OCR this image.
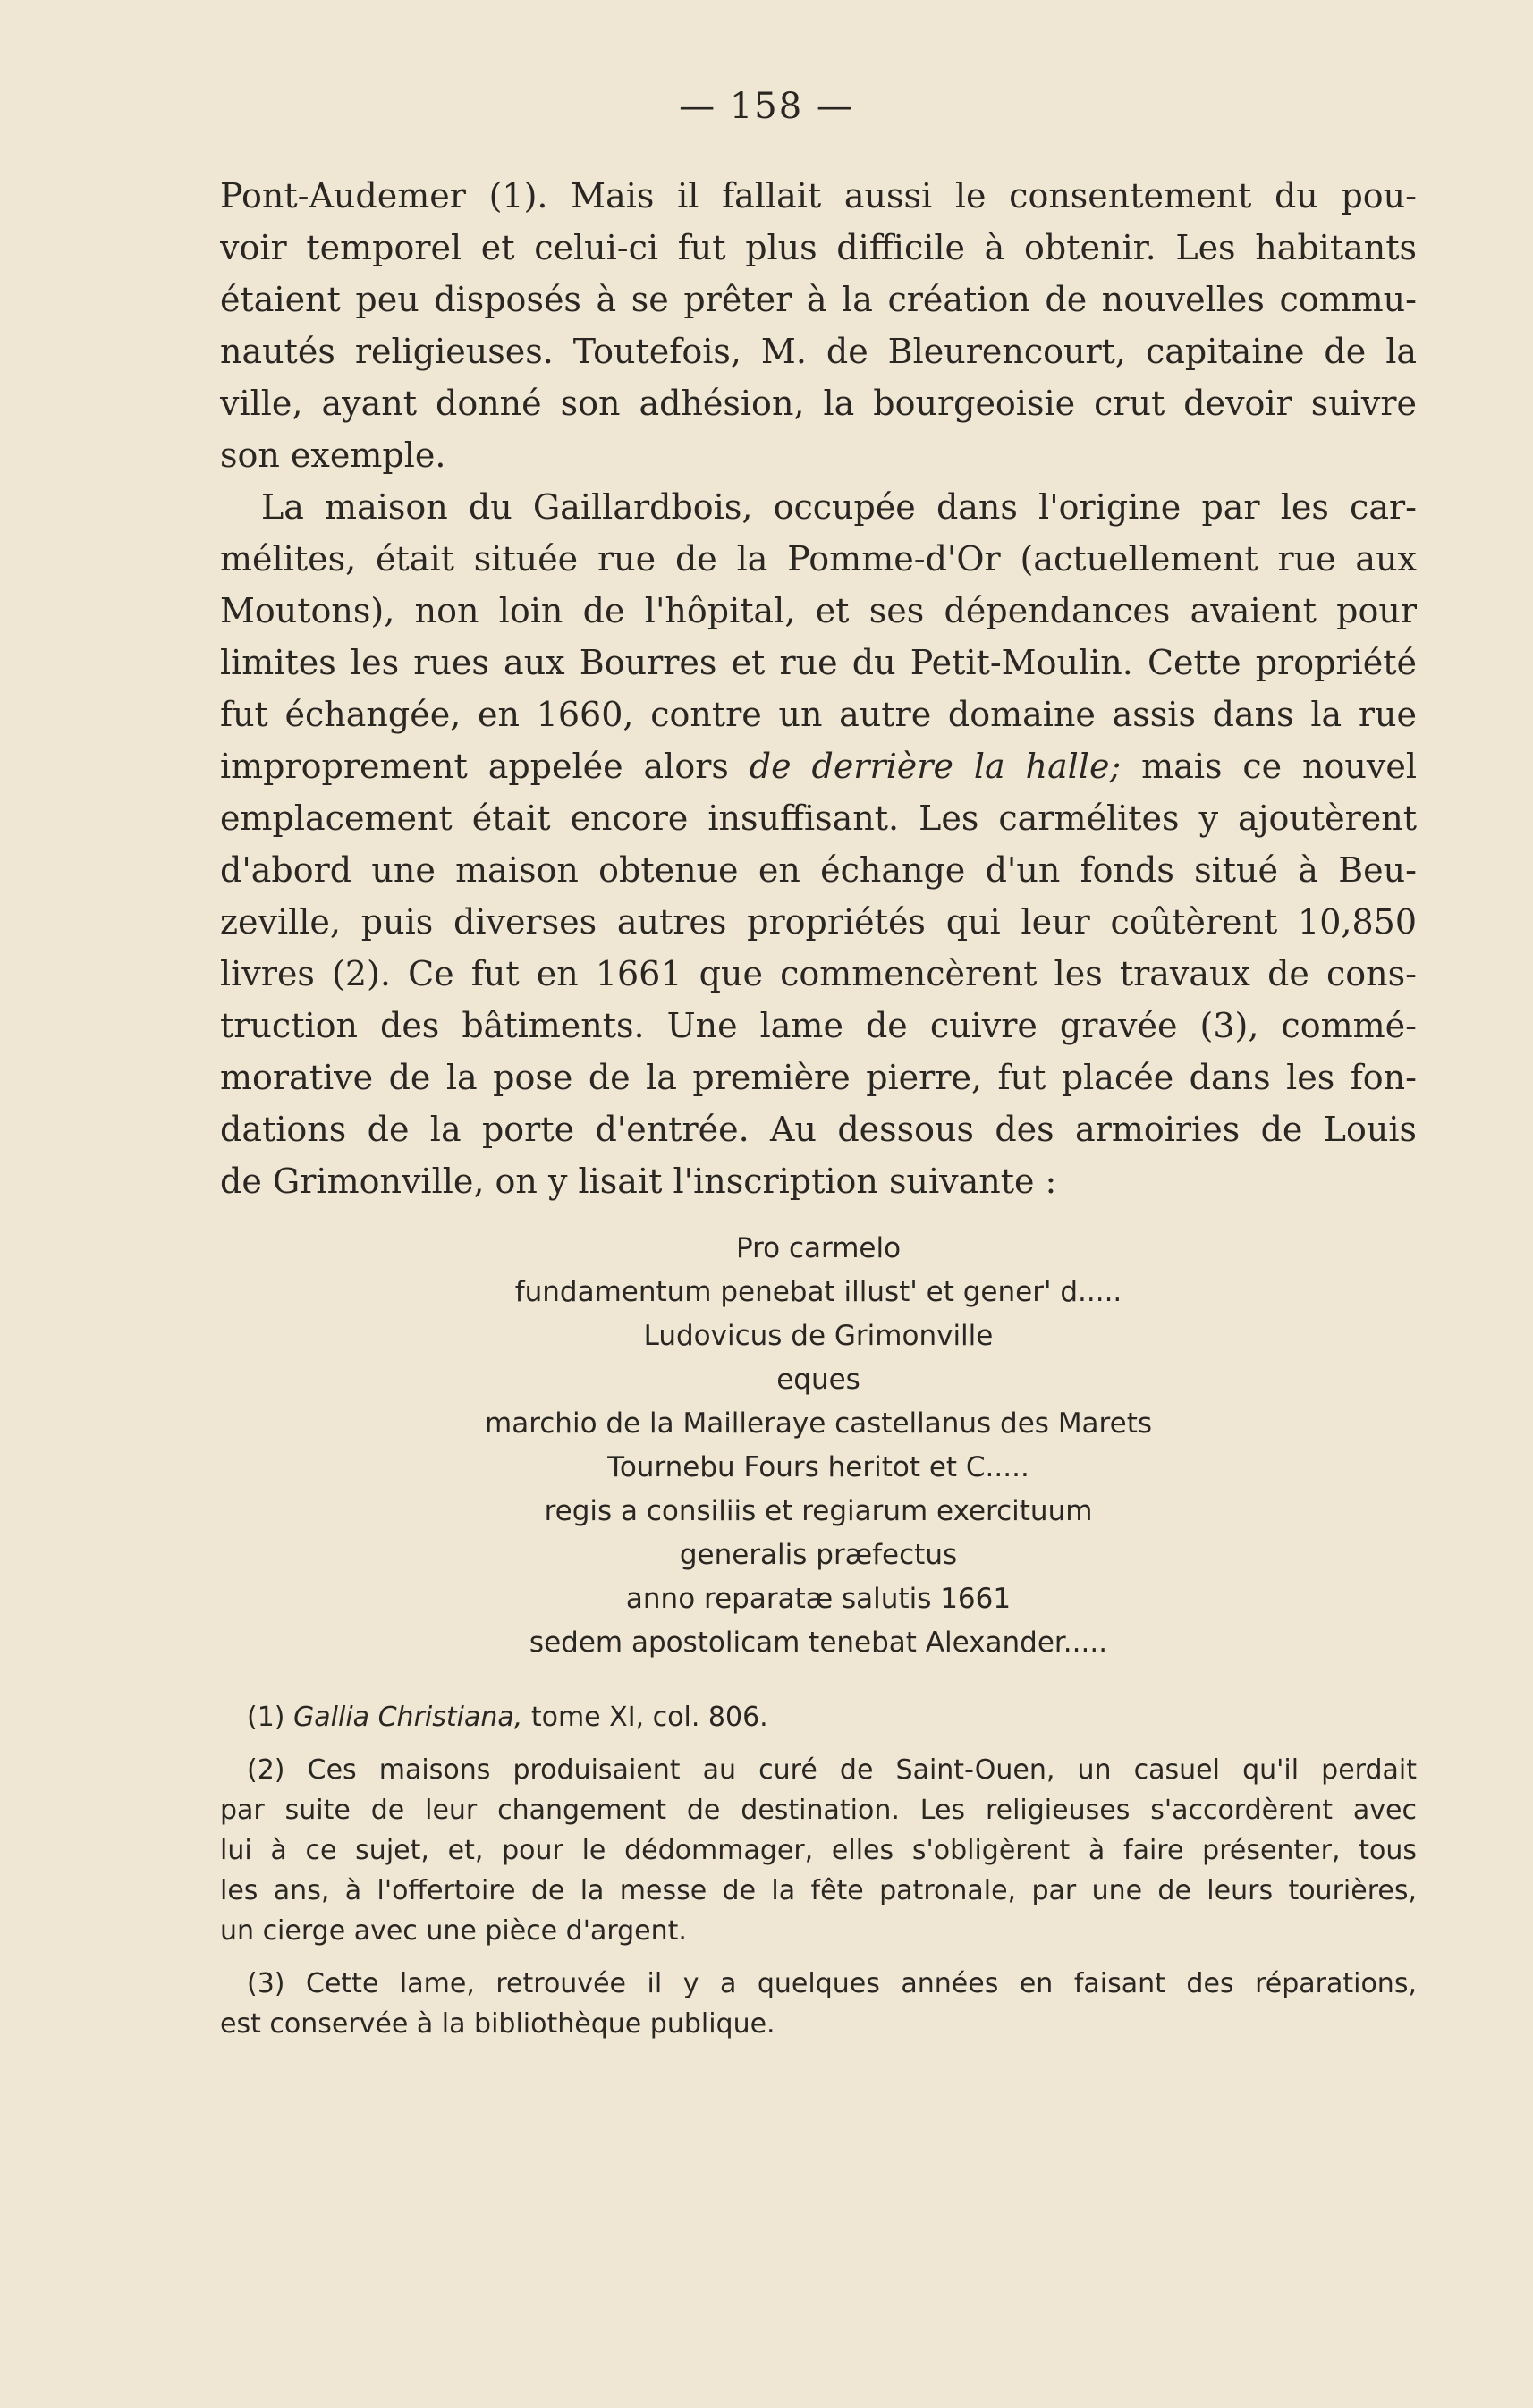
— 158 —
Pont-Audemer (1). Mais il fallait aussi le consentement du pou-
voir temporel et celui-ci fut plus difficile à obtenir. Les habitants
étaient peu disposés à se prêter à la création de nouvelles commu-
nautés religieuses. Toutefois, M. de Bleurencourt, capitaine de la
ville, ayant donné son adhésion, la bourgeoisie crut devoir suivre
son exemple.
La maison du Gaillardbois, occupée dans l'origine par les car-
mélites, était située rue de la Pomme-d'Or (actuellement rue aux
Moutons), non loin de l'hôpital, et ses dépendances avaient pour
limites les rues aux Bourres et rue du Petit-Moulin. Cette propriété
fut échangée, en 1660, contre un autre domaine assis dans la rue
improprement appelée alors de derrière la halle; mais ce nouvel
emplacement était encore insuffisant. Les carmélites y ajoutèrent
d'abord une maison obtenue en échange d'un fonds situé à Beu-
zeville, puis diverses autres propriétés qui leur coûtèrent 10,850
livres (2). Ce fut en 1661 que commencèrent les travaux de cons-
truction des bâtiments. Une lame de cuivre gravée (3), commé-
morative de la pose de la première pierre, fut placée dans les fon-
dations de la porte d'entrée. Au dessous des armoiries de Louis
de Grimonville, on y lisait l'inscription suivante :
Pro carmelo
fundamentum penebat illust' et gener' d.....
Ludovicus de Grimonville
eques
marchio de la Mailleraye castellanus des Marets
Tournebu Fours heritot et C.....
regis a consiliis et regiarum exercituum
generalis præfectus
anno reparatæ salutis 1661
sedem apostolicam tenebat Alexander.....
(1) Gallia Christiana, tome XI, col. 806.
(2) Ces maisons produisaient au curé de Saint-Ouen, un casuel qu'il perdait
par suite de leur changement de destination. Les religieuses s'accordèrent avec
lui à ce sujet, et, pour le dédommager, elles s'obligèrent à faire présenter, tous
les ans, à l'offertoire de la messe de la fête patronale, par une de leurs tourières,
un cierge avec une pièce d'argent.
(3) Cette lame, retrouvée il y a quelques années en faisant des réparations,
est conservée à la bibliothèque publique.
